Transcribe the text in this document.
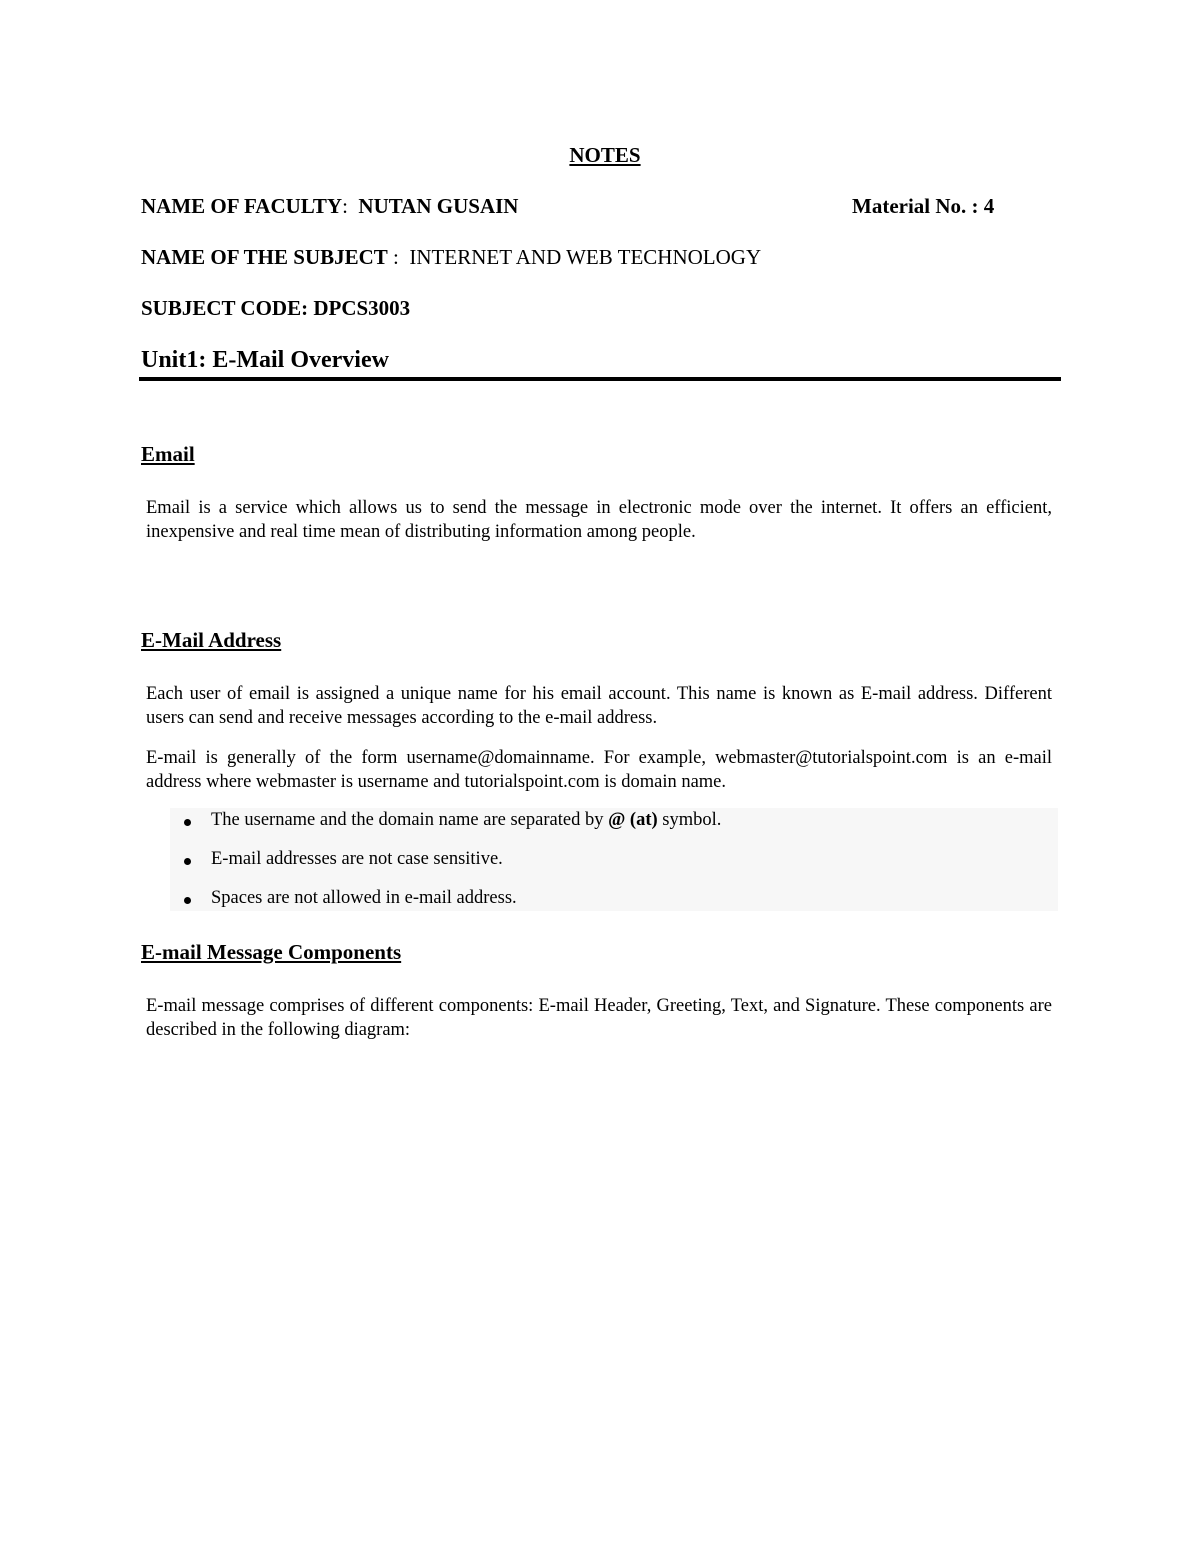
NOTES
NAME OF FACULTY: NUTAN GUSAIN	Material No. : 4
NAME OF THE SUBJECT : INTERNET AND WEB TECHNOLOGY
SUBJECT CODE: DPCS3003
Unit1: E-Mail Overview
Email
Email is a service which allows us to send the message in electronic mode over the internet. It offers an efficient, inexpensive and real time mean of distributing information among people.
E-Mail Address
Each user of email is assigned a unique name for his email account. This name is known as E-mail address. Different users can send and receive messages according to the e-mail address.
E-mail is generally of the form username@domainname. For example, webmaster@tutorialspoint.com is an e-mail address where webmaster is username and tutorialspoint.com is domain name.
The username and the domain name are separated by @ (at) symbol.
E-mail addresses are not case sensitive.
Spaces are not allowed in e-mail address.
E-mail Message Components
E-mail message comprises of different components: E-mail Header, Greeting, Text, and Signature. These components are described in the following diagram:
